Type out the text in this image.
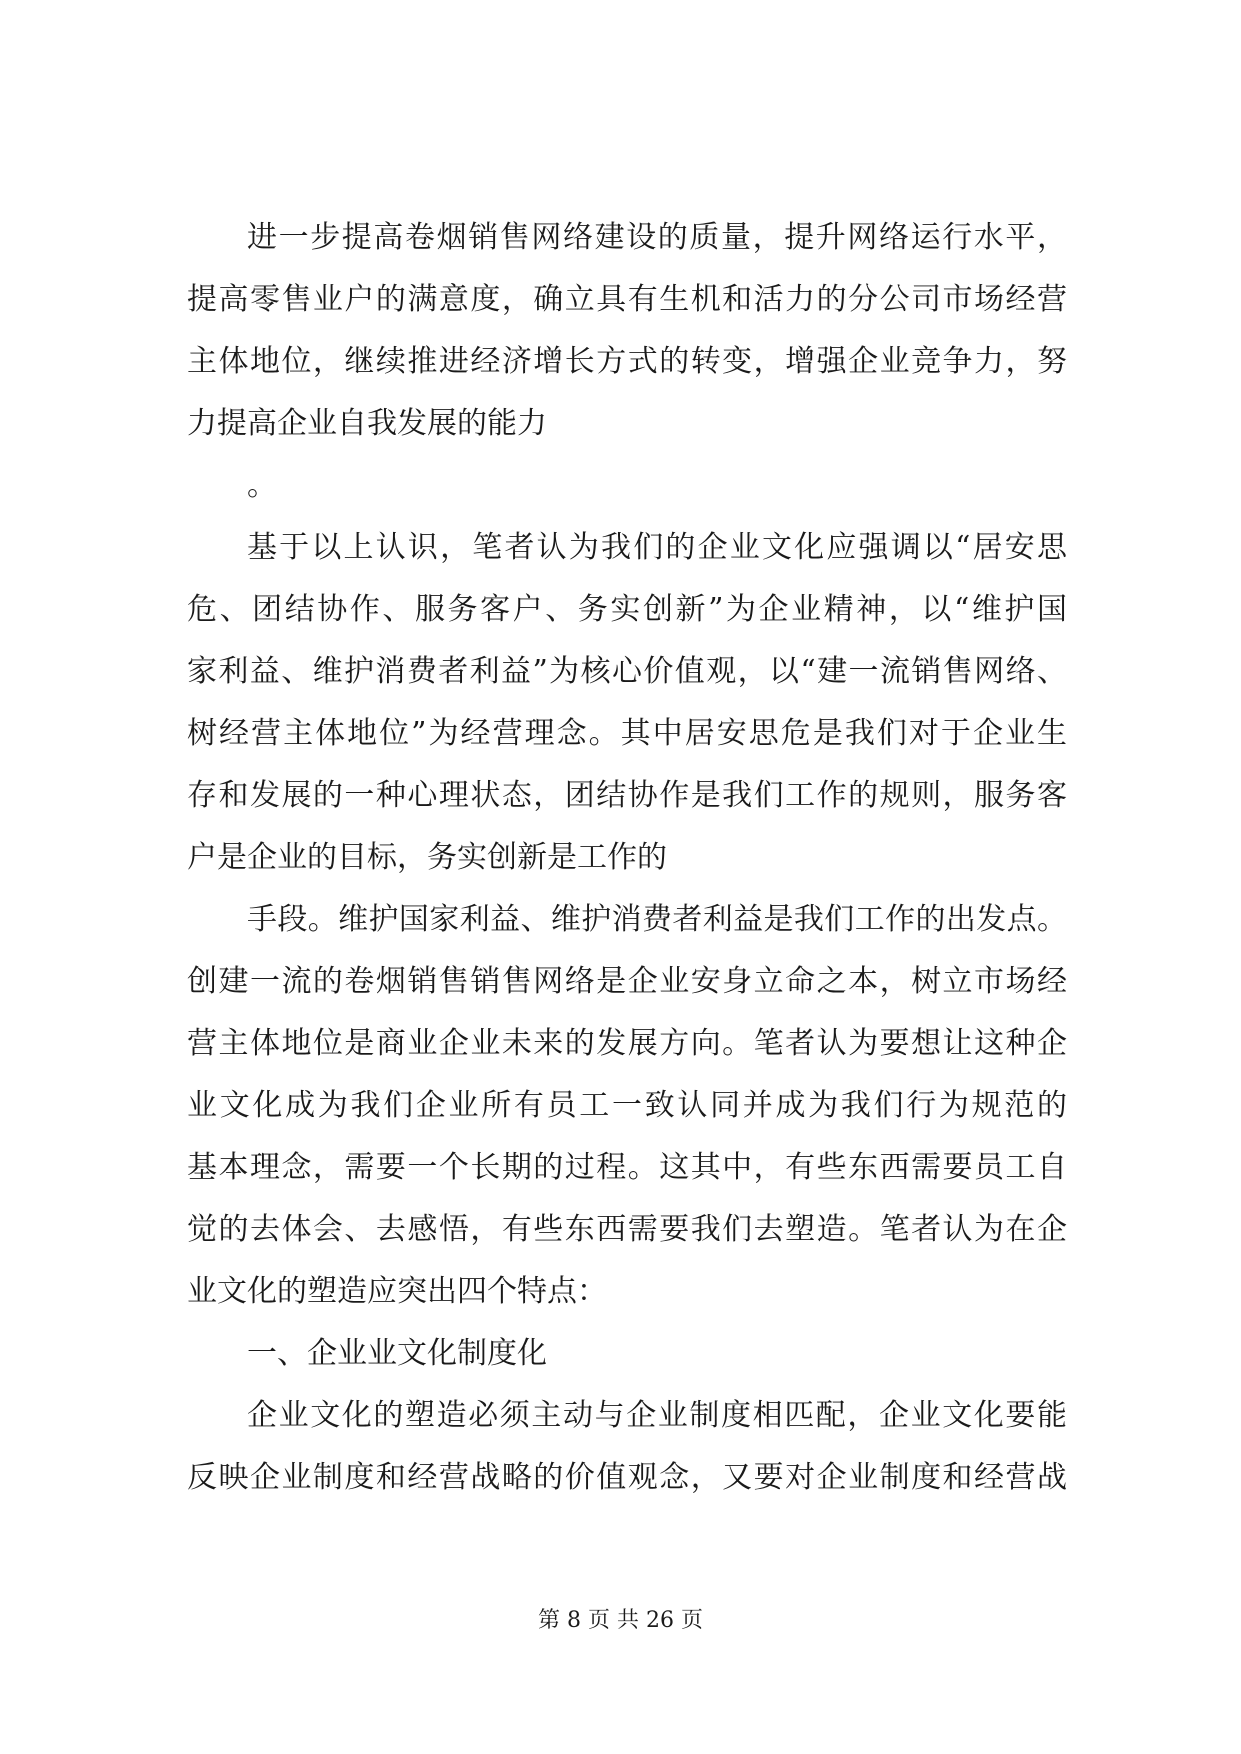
进一步提高卷烟销售网络建设的质量，提升网络运行水平，
提高零售业户的满意度，确立具有生机和活力的分公司市场经营
主体地位，继续推进经济增长方式的转变，增强企业竞争力，努
力提高企业自我发展的能力
。
基于以上认识，笔者认为我们的企业文化应强调以“居安思
危、团结协作、服务客户、务实创新”为企业精神，以“维护国
家利益、维护消费者利益”为核心价值观，以“建一流销售网络、
树经营主体地位”为经营理念。其中居安思危是我们对于企业生
存和发展的一种心理状态，团结协作是我们工作的规则，服务客
户是企业的目标，务实创新是工作的
手段。维护国家利益、维护消费者利益是我们工作的出发点。
创建一流的卷烟销售销售网络是企业安身立命之本，树立市场经
营主体地位是商业企业未来的发展方向。笔者认为要想让这种企
业文化成为我们企业所有员工一致认同并成为我们行为规范的
基本理念，需要一个长期的过程。这其中，有些东西需要员工自
觉的去体会、去感悟，有些东西需要我们去塑造。笔者认为在企
业文化的塑造应突出四个特点：
一、企业业文化制度化
企业文化的塑造必须主动与企业制度相匹配，企业文化要能
反映企业制度和经营战略的价值观念，又要对企业制度和经营战
第 8 页 共 26 页
